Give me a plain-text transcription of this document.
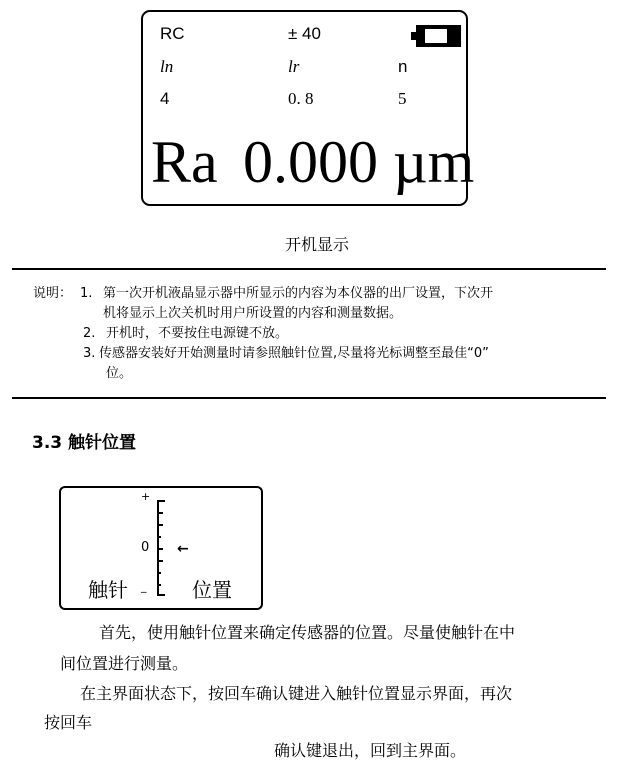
RC	± 40
ln	lr	n
4	0. 8	5
Ra 0.000 µm
开机显示
说明： 1. 第一次开机液晶显示器中所显示的内容为本仪器的出厂设置，下次开
机将显示上次关机时用户所设置的内容和测量数据。
2. 开机时，不要按住电源键不放。
3. 传感器安装好开始测量时请参照触针位置,尽量将光标调整至最佳“0”
位。
3.3 触针位置
+
0
_
←
触针	位置
首先，使用触针位置来确定传感器的位置。尽量使触针在中
间位置进行测量。
在主界面状态下，按回车确认键进入触针位置显示界面，再次
按回车
确认键退出，回到主界面。
